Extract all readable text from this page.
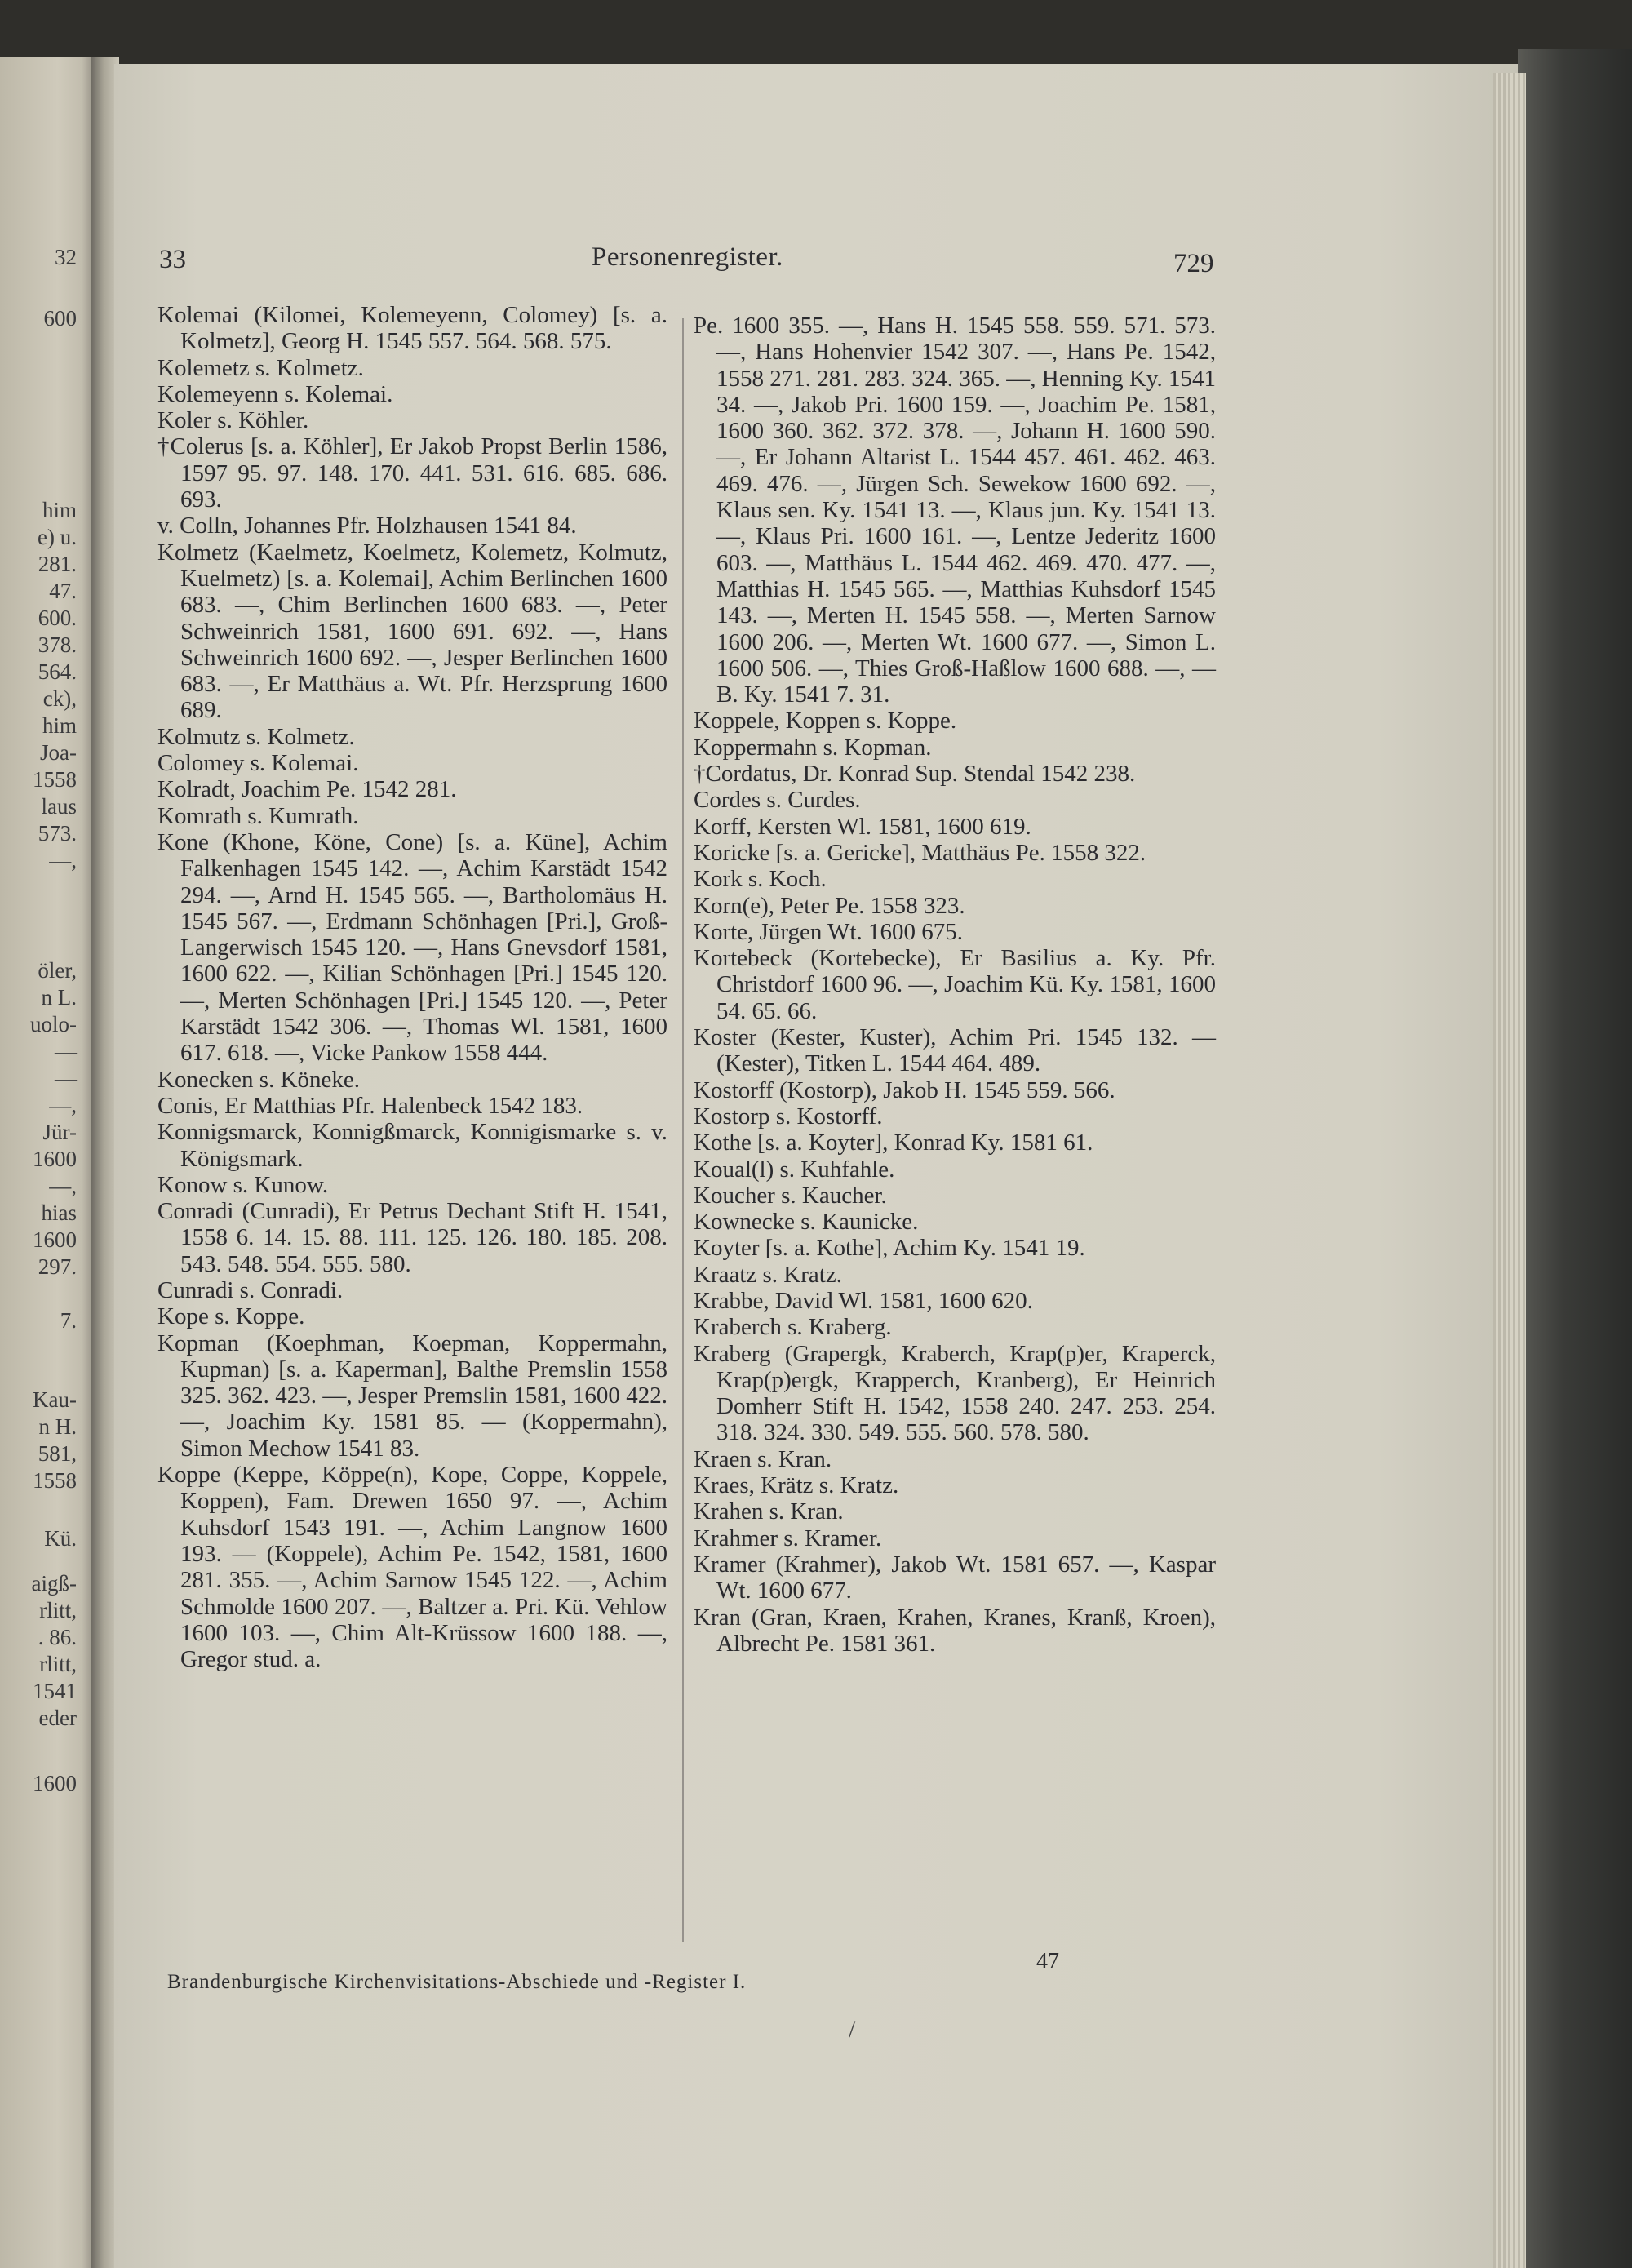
32
600
him
e) u.
281.
47.
600.
378.
564.
ck),
him
Joa-
1558
laus
573.
—,
öler,
n L.
uolo-
—
—
—,
Jür-
1600
—,
hias
1600
297.
7.
Kau-
n H.
581,
1558
Kü.
aigß-
rlitt,
. 86.
rlitt,
1541
eder
1600
33	Personenregister.	729
Kolemai (Kilomei, Kolemeyenn, Colomey) [s. a. Kolmetz], Georg H. 1545 557. 564. 568. 575.
Kolemetz s. Kolmetz.
Kolemeyenn s. Kolemai.
Koler s. Köhler.
†Colerus [s. a. Köhler], Er Jakob Propst Berlin 1586, 1597 95. 97. 148. 170. 441. 531. 616. 685. 686. 693.
v. Colln, Johannes Pfr. Holzhausen 1541 84.
Kolmetz (Kaelmetz, Koelmetz, Kolemetz, Kolmutz, Kuelmetz) [s. a. Kolemai], Achim Berlinchen 1600 683. —, Chim Berlinchen 1600 683. —, Peter Schweinrich 1581, 1600 691. 692. —, Hans Schweinrich 1600 692. —, Jesper Berlinchen 1600 683. —, Er Matthäus a. Wt. Pfr. Herzsprung 1600 689.
Kolmutz s. Kolmetz.
Colomey s. Kolemai.
Kolradt, Joachim Pe. 1542 281.
Komrath s. Kumrath.
Kone (Khone, Köne, Cone) [s. a. Küne], Achim Falkenhagen 1545 142. —, Achim Karstädt 1542 294. —, Arnd H. 1545 565. —, Bartholomäus H. 1545 567. —, Erdmann Schönhagen [Pri.], Groß-Langerwisch 1545 120. —, Hans Gnevsdorf 1581, 1600 622. —, Kilian Schönhagen [Pri.] 1545 120. —, Merten Schönhagen [Pri.] 1545 120. —, Peter Karstädt 1542 306. —, Thomas Wl. 1581, 1600 617. 618. —, Vicke Pankow 1558 444.
Konecken s. Köneke.
Conis, Er Matthias Pfr. Halenbeck 1542 183.
Konnigsmarck, Konnigßmarck, Konnigismarke s. v. Königsmark.
Konow s. Kunow.
Conradi (Cunradi), Er Petrus Dechant Stift H. 1541, 1558 6. 14. 15. 88. 111. 125. 126. 180. 185. 208. 543. 548. 554. 555. 580.
Cunradi s. Conradi.
Kope s. Koppe.
Kopman (Koephman, Koepman, Koppermahn, Kupman) [s. a. Kaperman], Balthe Premslin 1558 325. 362. 423. —, Jesper Premslin 1581, 1600 422. —, Joachim Ky. 1581 85. — (Koppermahn), Simon Mechow 1541 83.
Koppe (Keppe, Köppe(n), Kope, Coppe, Koppele, Koppen), Fam. Drewen 1650 97. —, Achim Kuhsdorf 1543 191. —, Achim Langnow 1600 193. — (Koppele), Achim Pe. 1542, 1581, 1600 281. 355. —, Achim Sarnow 1545 122. —, Achim Schmolde 1600 207. —, Baltzer a. Pri. Kü. Vehlow 1600 103. —, Chim Alt-Krüssow 1600 188. —, Gregor stud. a.
Pe. 1600 355. —, Hans H. 1545 558. 559. 571. 573. —, Hans Hohenvier 1542 307. —, Hans Pe. 1542, 1558 271. 281. 283. 324. 365. —, Henning Ky. 1541 34. —, Jakob Pri. 1600 159. —, Joachim Pe. 1581, 1600 360. 362. 372. 378. —, Johann H. 1600 590. —, Er Johann Altarist L. 1544 457. 461. 462. 463. 469. 476. —, Jürgen Sch. Sewekow 1600 692. —, Klaus sen. Ky. 1541 13. —, Klaus jun. Ky. 1541 13. —, Klaus Pri. 1600 161. —, Lentze Jederitz 1600 603. —, Matthäus L. 1544 462. 469. 470. 477. —, Matthias H. 1545 565. —, Matthias Kuhsdorf 1545 143. —, Merten H. 1545 558. —, Merten Sarnow 1600 206. —, Merten Wt. 1600 677. —, Simon L. 1600 506. —, Thies Groß-Haßlow 1600 688. —, — B. Ky. 1541 7. 31.
Koppele, Koppen s. Koppe.
Koppermahn s. Kopman.
†Cordatus, Dr. Konrad Sup. Stendal 1542 238.
Cordes s. Curdes.
Korff, Kersten Wl. 1581, 1600 619.
Koricke [s. a. Gericke], Matthäus Pe. 1558 322.
Kork s. Koch.
Korn(e), Peter Pe. 1558 323.
Korte, Jürgen Wt. 1600 675.
Kortebeck (Kortebecke), Er Basilius a. Ky. Pfr. Christdorf 1600 96. —, Joachim Kü. Ky. 1581, 1600 54. 65. 66.
Koster (Kester, Kuster), Achim Pri. 1545 132. — (Kester), Titken L. 1544 464. 489.
Kostorff (Kostorp), Jakob H. 1545 559. 566.
Kostorp s. Kostorff.
Kothe [s. a. Koyter], Konrad Ky. 1581 61.
Koual(l) s. Kuhfahle.
Koucher s. Kaucher.
Kownecke s. Kaunicke.
Koyter [s. a. Kothe], Achim Ky. 1541 19.
Kraatz s. Kratz.
Krabbe, David Wl. 1581, 1600 620.
Kraberch s. Kraberg.
Kraberg (Grapergk, Kraberch, Krap(p)er, Kraperck, Krap(p)ergk, Krapperch, Kranberg), Er Heinrich Domherr Stift H. 1542, 1558 240. 247. 253. 254. 318. 324. 330. 549. 555. 560. 578. 580.
Kraen s. Kran.
Kraes, Krätz s. Kratz.
Krahen s. Kran.
Krahmer s. Kramer.
Kramer (Krahmer), Jakob Wt. 1581 657. —, Kaspar Wt. 1600 677.
Kran (Gran, Kraen, Krahen, Kranes, Kranß, Kroen), Albrecht Pe. 1581 361.
Brandenburgische Kirchenvisitations-Abschiede und -Register I.
47
/
